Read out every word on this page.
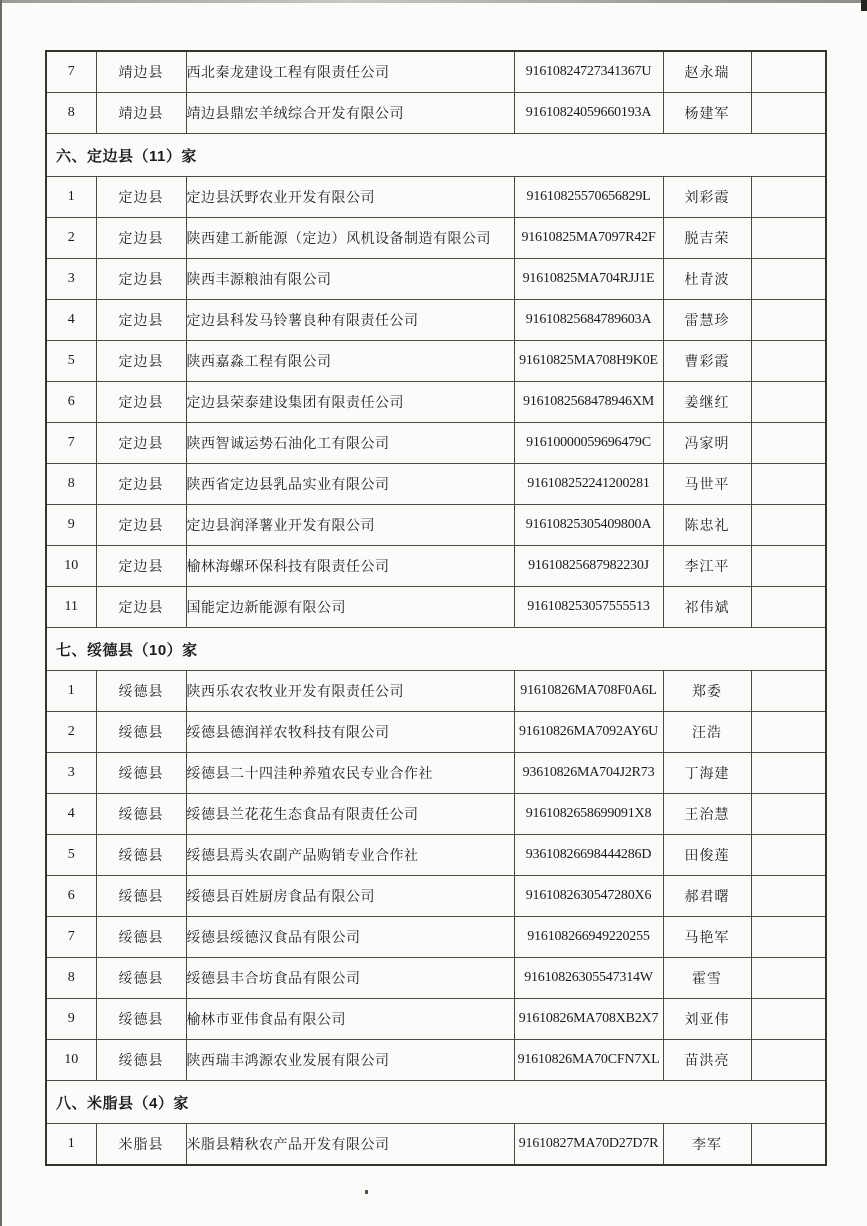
7	靖边县	西北秦龙建设工程有限责任公司	91610824727341367U	赵永瑞	
8	靖边县	靖边县鼎宏羊绒综合开发有限公司	91610824059660193A	杨建军	
六、定边县（11）家					
1	定边县	定边县沃野农业开发有限公司	91610825570656829L	刘彩霞	
2	定边县	陕西建工新能源（定边）风机设备制造有限公司	91610825MA7097R42F	脱吉荣	
3	定边县	陕西丰源粮油有限公司	91610825MA704RJJ1E	杜青波	
4	定边县	定边县科发马铃薯良种有限责任公司	91610825684789603A	雷慧珍	
5	定边县	陕西嘉淼工程有限公司	91610825MA708H9K0E	曹彩霞	
6	定边县	定边县荣泰建设集团有限责任公司	9161082568478946XM	姜继红	
7	定边县	陕西智诚运势石油化工有限公司	91610000059696479C	冯家明	
8	定边县	陕西省定边县乳品实业有限公司	916108252241200281	马世平	
9	定边县	定边县润泽薯业开发有限公司	91610825305409800A	陈忠礼	
10	定边县	榆林海螺环保科技有限责任公司	91610825687982230J	李江平	
11	定边县	国能定边新能源有限公司	916108253057555513	祁伟斌	
七、绥德县（10）家					
1	绥德县	陕西乐农农牧业开发有限责任公司	91610826MA708F0A6L	郑委	
2	绥德县	绥德县德润祥农牧科技有限公司	91610826MA7092AY6U	汪浩	
3	绥德县	绥德县二十四洼种养殖农民专业合作社	93610826MA704J2R73	丁海建	
4	绥德县	绥德县兰花花生态食品有限责任公司	9161082658699091X8	王治慧	
5	绥德县	绥德县焉头农副产品购销专业合作社	93610826698444286D	田俊莲	
6	绥德县	绥德县百姓厨房食品有限公司	9161082630547280X6	郝君曙	
7	绥德县	绥德县绥德汉食品有限公司	916108266949220255	马艳军	
8	绥德县	绥德县丰合坊食品有限公司	91610826305547314W	霍雪	
9	绥德县	榆林市亚伟食品有限公司	91610826MA708XB2X7	刘亚伟	
10	绥德县	陕西瑞丰鸿源农业发展有限公司	91610826MA70CFN7XL	苗洪亮	
八、米脂县（4）家					
1	米脂县	米脂县精秋农产品开发有限公司	91610827MA70D27D7R	李军	
